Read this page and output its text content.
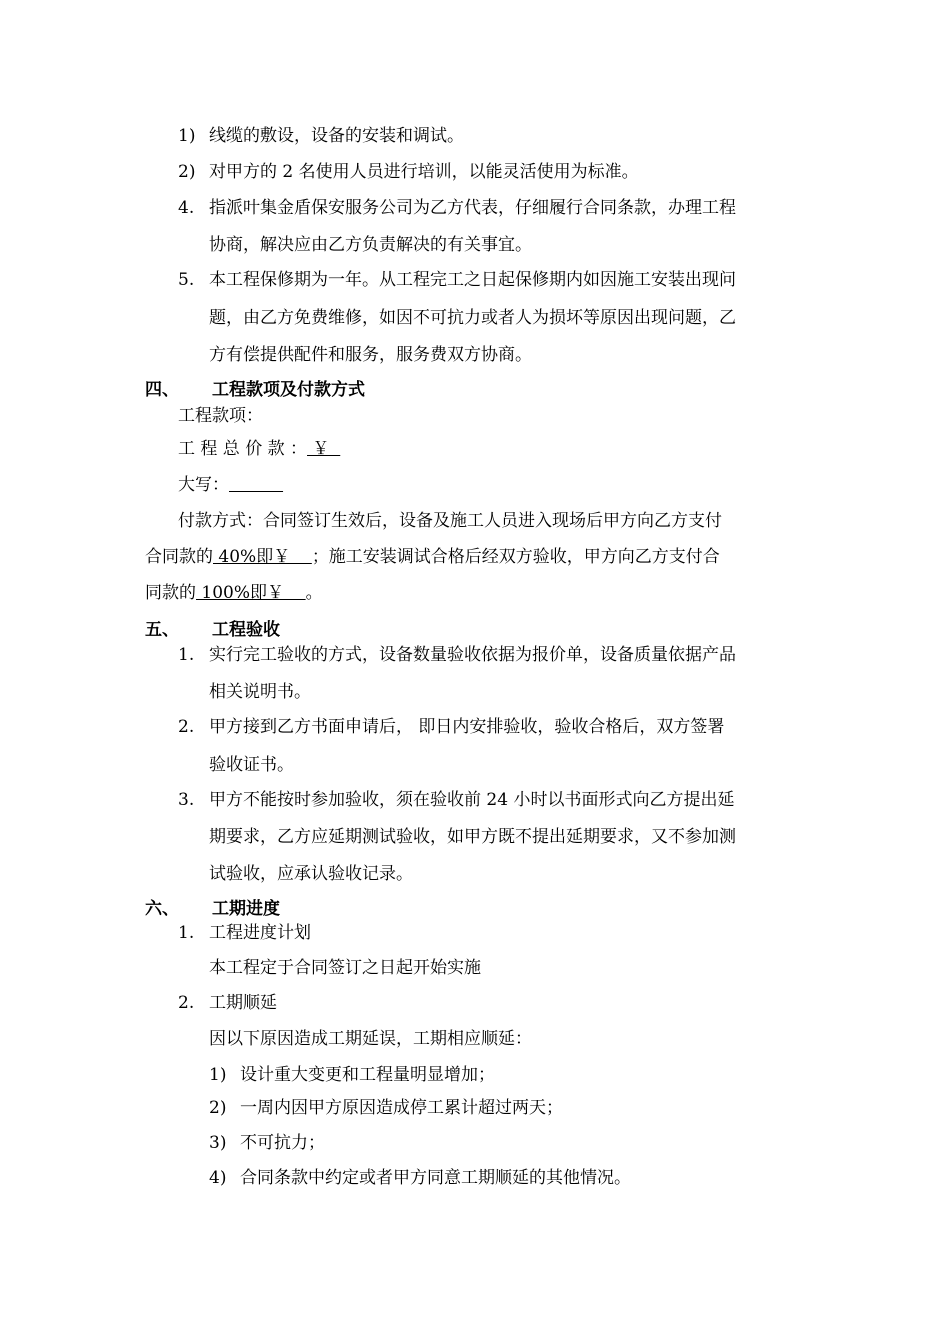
1) 线缆的敷设，设备的安装和调试。
2) 对甲方的 2 名使用人员进行培训，以能灵活使用为标准。
4. 指派叶集金盾保安服务公司为乙方代表，仔细履行合同条款，办理工程
协商，解决应由乙方负责解决的有关事宜。
5. 本工程保修期为一年。从工程完工之日起保修期内如因施工安装出现问
题，由乙方免费维修，如因不可抗力或者人为损坏等原因出现问题，乙
方有偿提供配件和服务，服务费双方协商。
四、 工程款项及付款方式
工程款项：
工 程 总 价 款 ： ￥
大写：
付款方式：合同签订生效后，设备及施工人员进入现场后甲方向乙方支付
合同款的 40%即￥    ；施工安装调试合格后经双方验收，甲方向乙方支付合
同款的 100%即￥    。
五、 工程验收
1. 实行完工验收的方式，设备数量验收依据为报价单，设备质量依据产品
相关说明书。
2. 甲方接到乙方书面申请后， 即日内安排验收，验收合格后，双方签署
验收证书。
3. 甲方不能按时参加验收，须在验收前 24 小时以书面形式向乙方提出延
期要求，乙方应延期测试验收，如甲方既不提出延期要求，又不参加测
试验收，应承认验收记录。
六、 工期进度
1. 工程进度计划
本工程定于合同签订之日起开始实施
2. 工期顺延
因以下原因造成工期延误，工期相应顺延：
1) 设计重大变更和工程量明显增加；
2) 一周内因甲方原因造成停工累计超过两天；
3) 不可抗力；
4) 合同条款中约定或者甲方同意工期顺延的其他情况。
